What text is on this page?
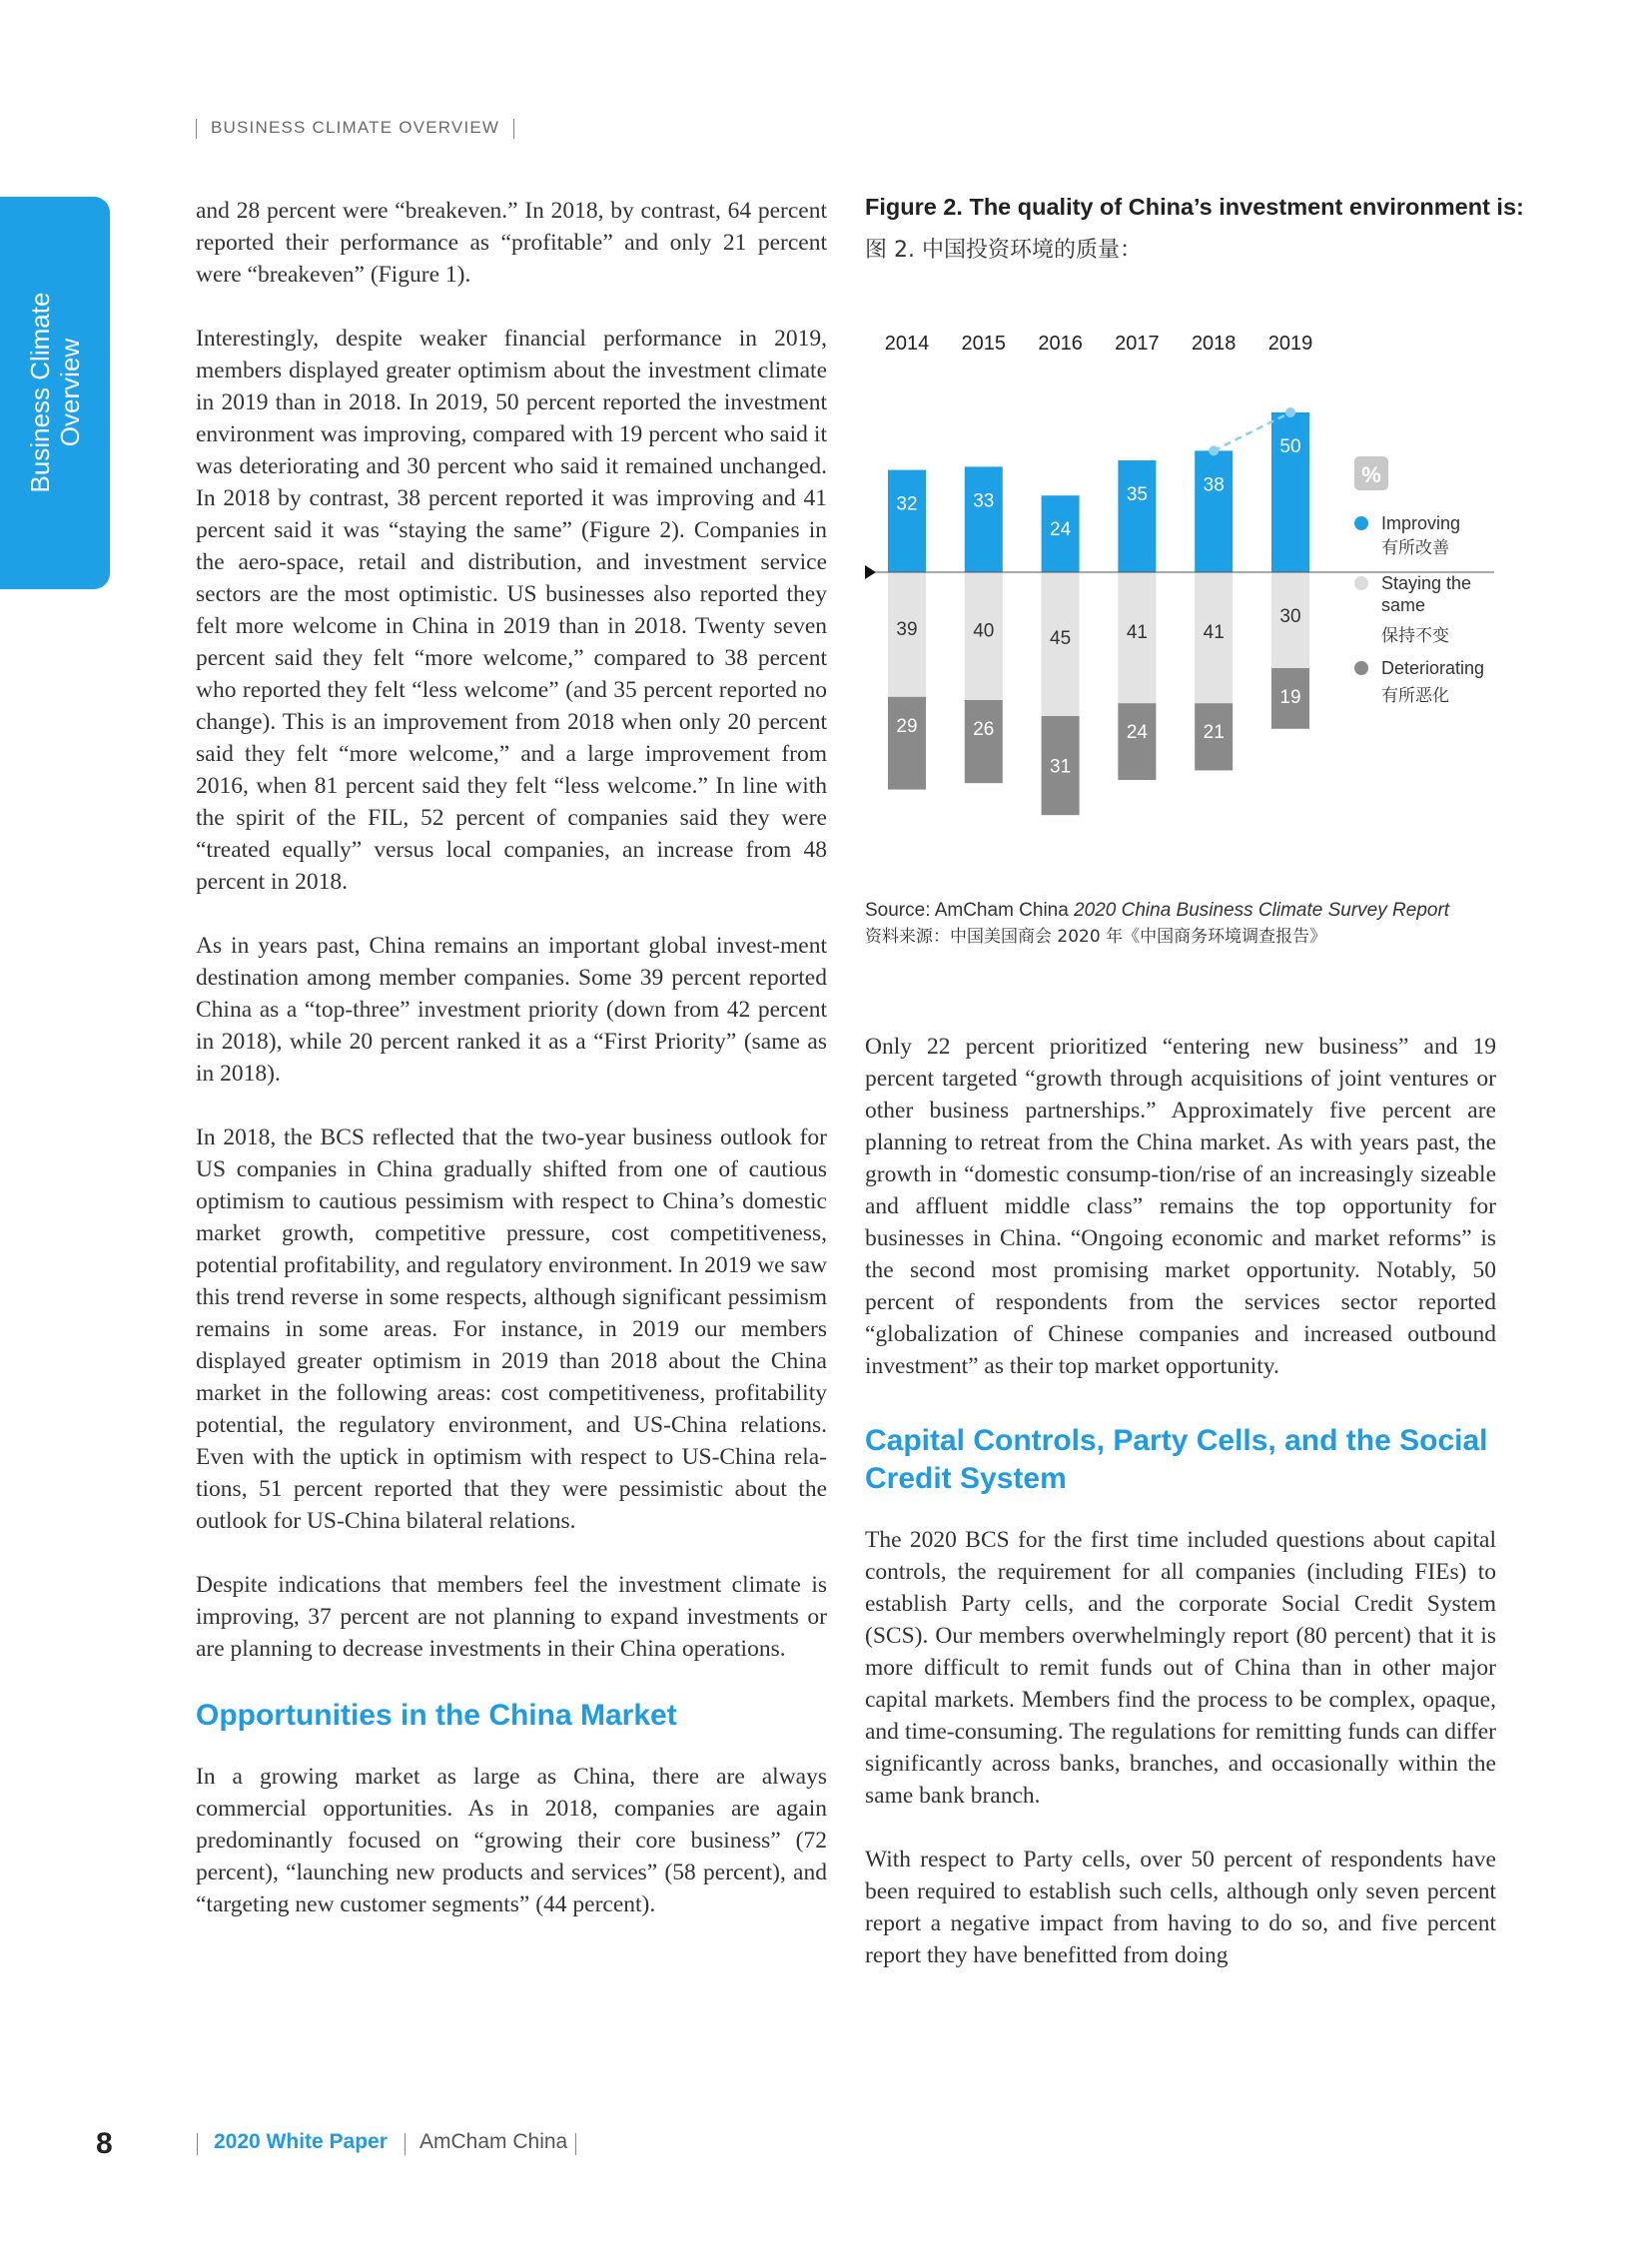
BUSINESS CLIMATE OVERVIEW
Business Climate Overview

and 28 percent were “breakeven.” In 2018, by contrast, 64 percent reported their performance as “profitable” and only 21 percent were “breakeven” (Figure 1).

Interestingly, despite weaker financial performance in 2019, members displayed greater optimism about the investment climate in 2019 than in 2018. In 2019, 50 percent reported the investment environment was improving, compared with 19 percent who said it was deteriorating and 30 percent who said it remained unchanged. In 2018 by contrast, 38 percent reported it was improving and 41 percent said it was “staying the same” (Figure 2). Companies in the aero-space, retail and distribution, and investment service sectors are the most optimistic. US businesses also reported they felt more welcome in China in 2019 than in 2018. Twenty seven percent said they felt “more welcome,” compared to 38 percent who reported they felt “less welcome” (and 35 percent reported no change). This is an improvement from 2018 when only 20 percent said they felt “more welcome,” and a large improvement from 2016, when 81 percent said they felt “less welcome.” In line with the spirit of the FIL, 52 percent of companies said they were “treated equally” versus local companies, an increase from 48 percent in 2018.

As in years past, China remains an important global invest-ment destination among member companies. Some 39 percent reported China as a “top-three” investment priority (down from 42 percent in 2018), while 20 percent ranked it as a “First Priority” (same as in 2018).

In 2018, the BCS reflected that the two-year business outlook for US companies in China gradually shifted from one of cautious optimism to cautious pessimism with respect to China’s domestic market growth, competitive pressure, cost competitiveness, potential profitability, and regulatory environment. In 2019 we saw this trend reverse in some respects, although significant pessimism remains in some areas. For instance, in 2019 our members displayed greater optimism in 2019 than 2018 about the China market in the following areas: cost competitiveness, profitability potential, the regulatory environment, and US-China relations. Even with the uptick in optimism with respect to US-China rela-tions, 51 percent reported that they were pessimistic about the outlook for US-China bilateral relations.

Despite indications that members feel the investment climate is improving, 37 percent are not planning to expand investments or are planning to decrease investments in their China operations.

Opportunities in the China Market

In a growing market as large as China, there are always commercial opportunities. As in 2018, companies are again predominantly focused on “growing their core business” (72 percent), “launching new products and services” (58 percent), and “targeting new customer segments” (44 percent).

Figure 2. The quality of China’s investment environment is:
图 2. 中国投资环境的质量：
2014
32
39
29
2015
33
40
26
2016
24
45
31
2017
35
41
24
2018
38
41
21
2019
50
30
19
%
Improving
Staying the
same
Deteriorating
有所改善
保持不变
有所恶化
Source: AmCham China 2020 China Business Climate Survey Report
资料来源：中国美国商会 2020 年《中国商务环境调查报告》

Only 22 percent prioritized “entering new business” and 19 percent targeted “growth through acquisitions of joint ventures or other business partnerships.” Approximately five percent are planning to retreat from the China market. As with years past, the growth in “domestic consump-tion/rise of an increasingly sizeable and affluent middle class” remains the top opportunity for businesses in China. “Ongoing economic and market reforms” is the second most promising market opportunity. Notably, 50 percent of respondents from the services sector reported “globalization of Chinese companies and increased outbound investment” as their top market opportunity.

Capital Controls, Party Cells, and the Social Credit System

The 2020 BCS for the first time included questions about capital controls, the requirement for all companies (including FIEs) to establish Party cells, and the corporate Social Credit System (SCS). Our members overwhelmingly report (80 percent) that it is more difficult to remit funds out of China than in other major capital markets. Members find the process to be complex, opaque, and time-consuming. The regulations for remitting funds can differ significantly across banks, branches, and occasionally within the same bank branch.

With respect to Party cells, over 50 percent of respondents have been required to establish such cells, although only seven percent report a negative impact from having to do so, and five percent report they have benefitted from doing

8	2020 White Paper AmCham China
